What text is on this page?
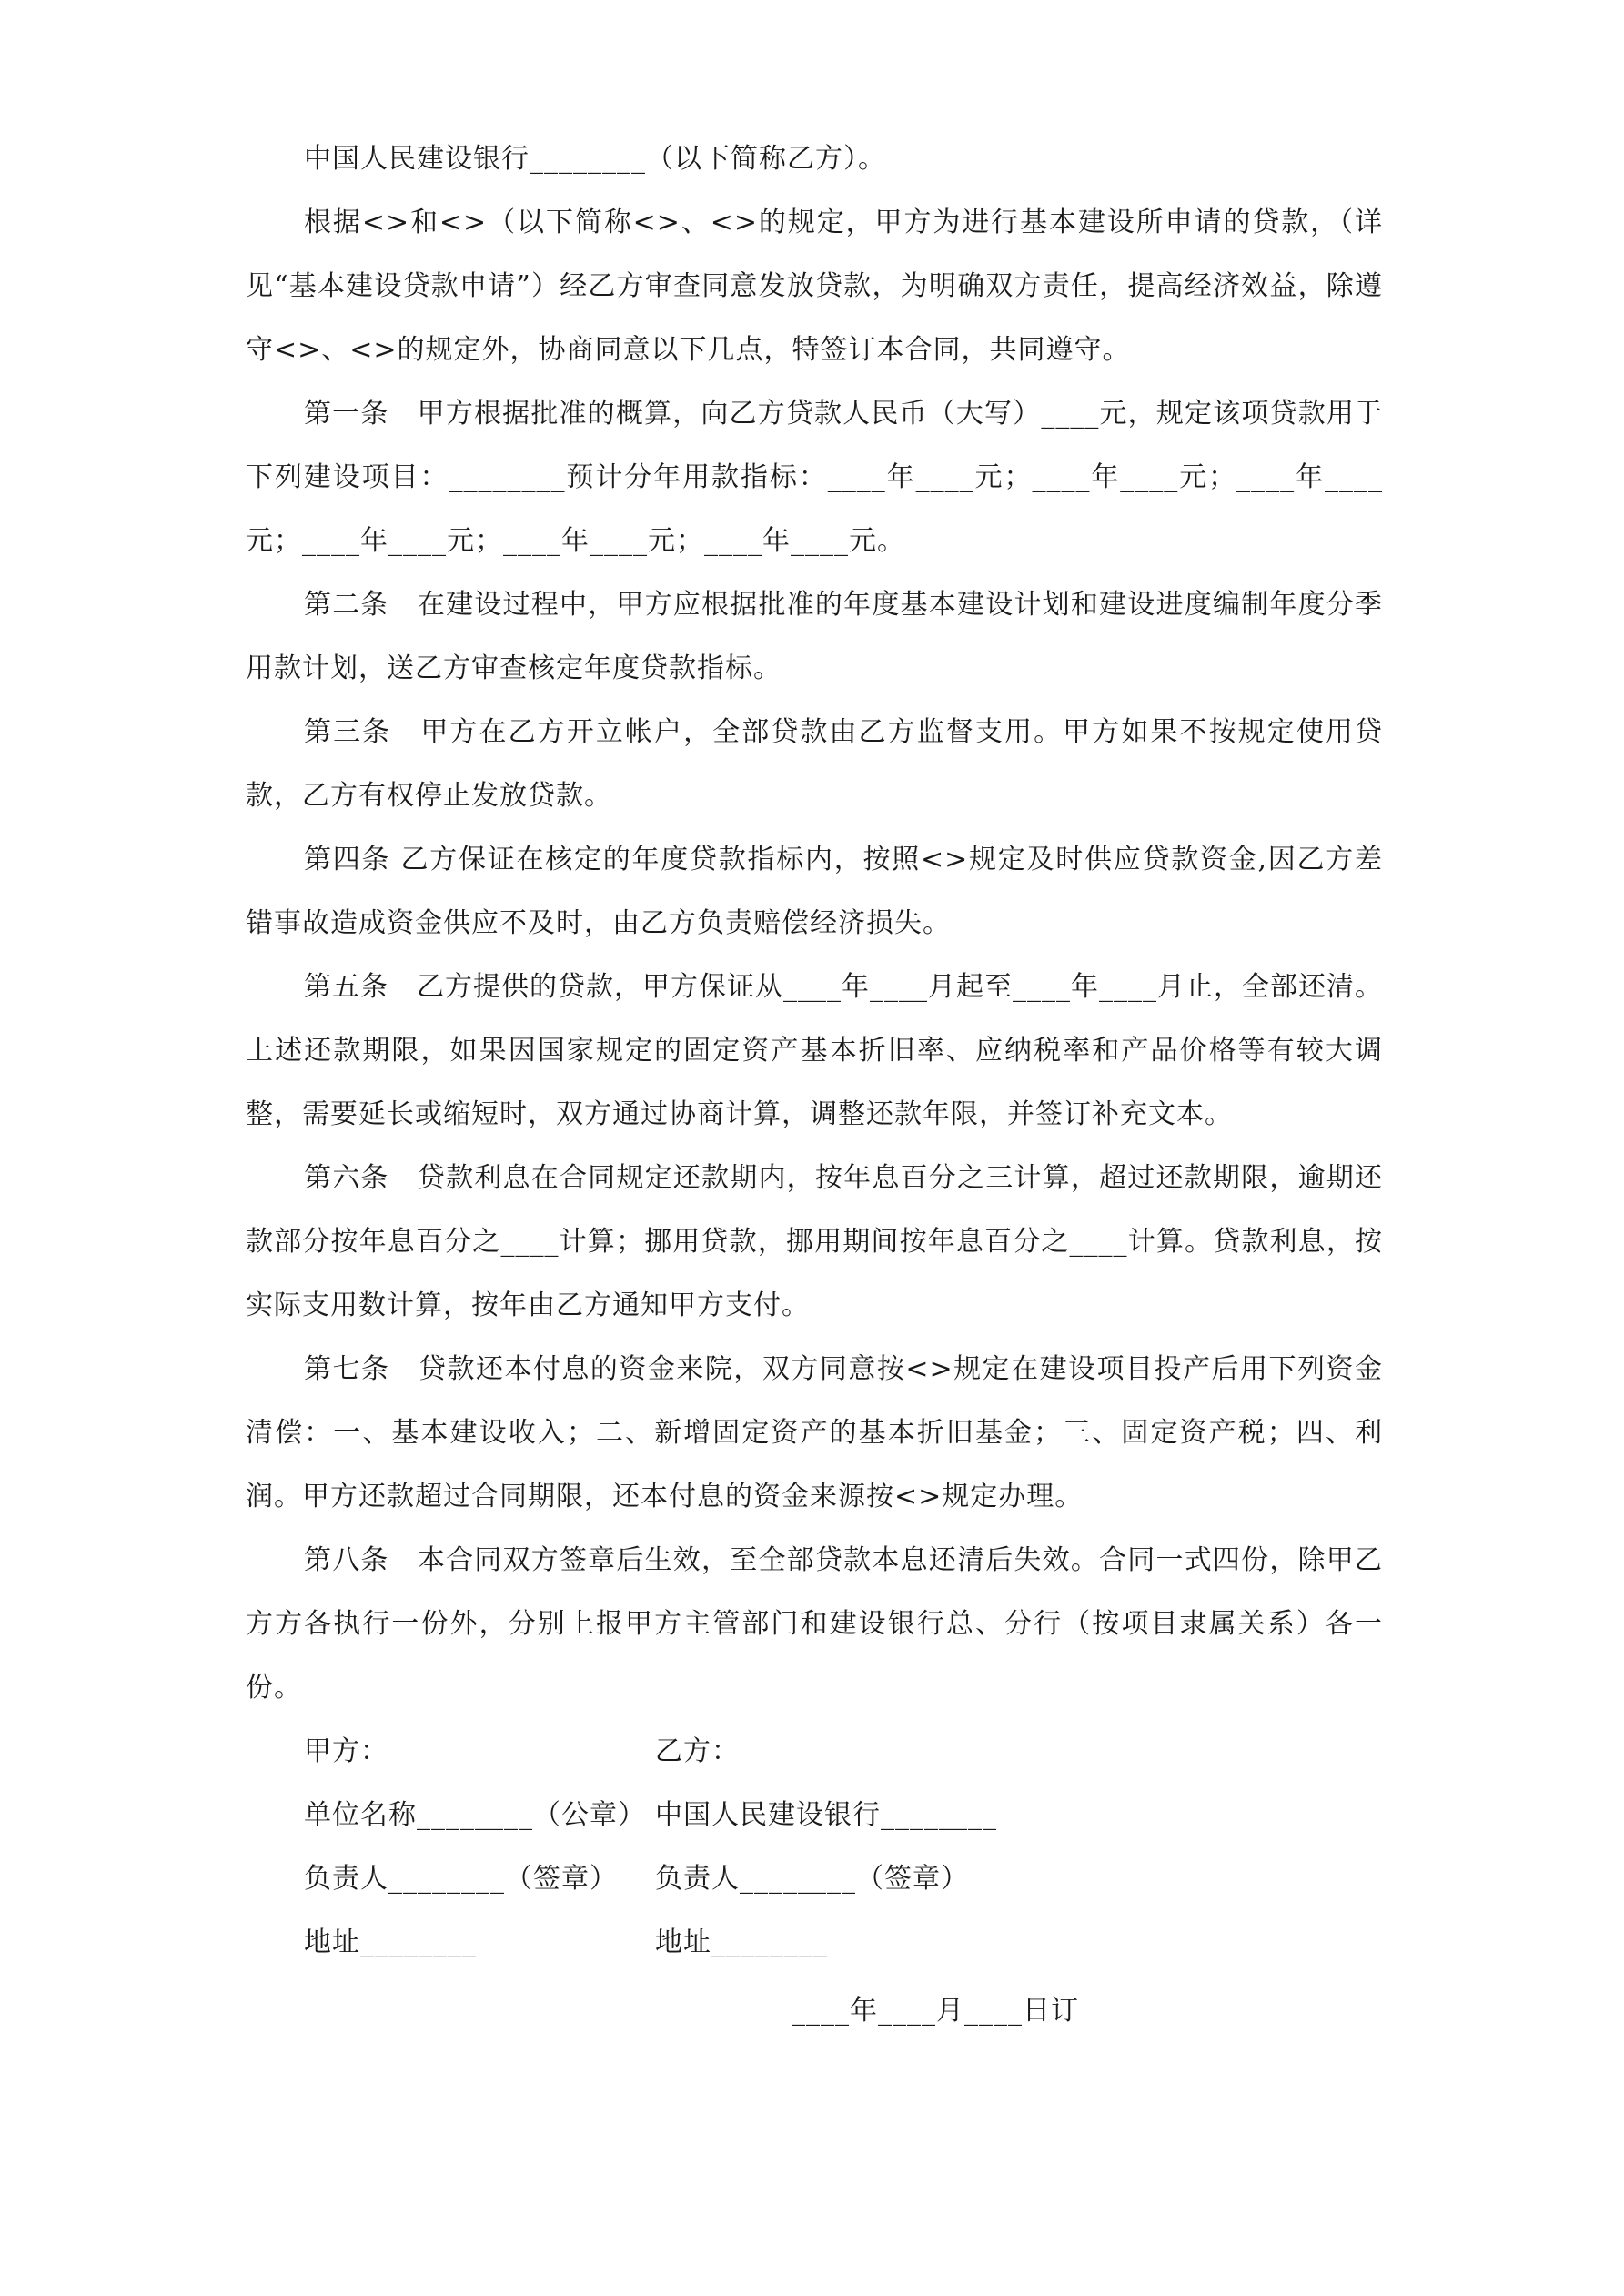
中国人民建设银行________（以下简称乙方）。

根据<>和<>（以下简称<>、<>的规定，甲方为进行基本建设所申请的贷款，（详见“基本建设贷款申请”）经乙方审查同意发放贷款，为明确双方责任，提高经济效益，除遵守<>、<>的规定外，协商同意以下几点，特签订本合同，共同遵守。

第一条　甲方根据批准的概算，向乙方贷款人民币（大写）____元，规定该项贷款用于下列建设项目：________预计分年用款指标：____年____元；____年____元；____年____元；____年____元；____年____元；____年____元。

第二条　在建设过程中，甲方应根据批准的年度基本建设计划和建设进度编制年度分季用款计划，送乙方审查核定年度贷款指标。

第三条　甲方在乙方开立帐户，全部贷款由乙方监督支用。甲方如果不按规定使用贷款，乙方有权停止发放贷款。

第四条 乙方保证在核定的年度贷款指标内，按照<>规定及时供应贷款资金,因乙方差错事故造成资金供应不及时，由乙方负责赔偿经济损失。

第五条　乙方提供的贷款，甲方保证从____年____月起至____年____月止，全部还清。上述还款期限，如果因国家规定的固定资产基本折旧率、应纳税率和产品价格等有较大调整，需要延长或缩短时，双方通过协商计算，调整还款年限，并签订补充文本。

第六条　贷款利息在合同规定还款期内，按年息百分之三计算，超过还款期限，逾期还款部分按年息百分之____计算；挪用贷款，挪用期间按年息百分之____计算。贷款利息，按实际支用数计算，按年由乙方通知甲方支付。

第七条　贷款还本付息的资金来院，双方同意按<>规定在建设项目投产后用下列资金清偿：一、基本建设收入；二、新增固定资产的基本折旧基金；三、固定资产税；四、利润。甲方还款超过合同期限，还本付息的资金来源按<>规定办理。

第八条　本合同双方签章后生效，至全部贷款本息还清后失效。合同一式四份，除甲乙方方各执行一份外，分别上报甲方主管部门和建设银行总、分行（按项目隶属关系）各一份。

甲方：	乙方：
单位名称________（公章） 中国人民建设银行________
负责人________（签章）	负责人________（签章）
地址________	地址________
____年____月____日订
